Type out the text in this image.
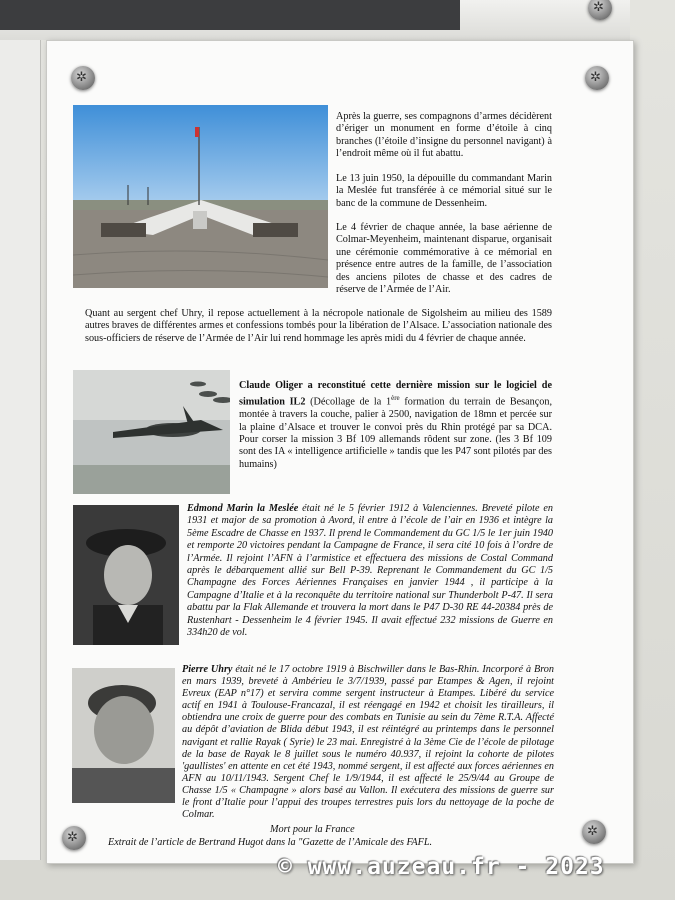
✲
✲
✲
✲
✲
Après la guerre, ses compagnons d’armes décidèrent d’ériger un monument en forme d’étoile à cinq branches (l’étoile d’insigne du personnel navigant) à l’endroit même où il fut abattu.
Le 13 juin 1950, la dépouille du commandant Marin la Meslée fut transférée à ce mémorial situé sur le banc de la commune de Dessenheim.
Le 4 février de chaque année, la base aérienne de Colmar-Meyenheim, maintenant disparue, organisait une cérémonie commémorative à ce mémorial en présence entre autres de la famille, de l’association des anciens pilotes de chasse et des cadres de réserve de l’Armée de l’Air.
Quant au sergent chef Uhry, il repose actuellement à la nécropole nationale de Sigolsheim au milieu des 1589 autres braves de différentes armes et confessions tombés pour la libération de l’Alsace. L’association nationale des sous-officiers de réserve de l’Armée de l’Air lui rend hommage les après midi du 4 février de chaque année.
Claude Oliger a reconstitué cette dernière mission sur le logiciel de simulation IL2 (Décollage de la 1ère formation du terrain de Besançon, montée à travers la couche, palier à 2500, navigation de 18mn et percée sur la plaine d’Alsace et trouver le convoi près du Rhin protégé par sa DCA. Pour corser la mission 3 Bf 109 allemands rôdent sur zone. (les 3 Bf 109 sont des IA « intelligence artificielle » tandis que les P47 sont pilotés par des humains)
Edmond Marin la Meslée était né le 5 février 1912 à Valenciennes. Breveté pilote en 1931 et major de sa promotion à Avord, il entre à l’école de l’air en 1936 et intègre la 5ème Escadre de Chasse en 1937. Il prend le Commandement du GC 1/5 le 1er juin 1940 et remporte 20 victoires pendant la Campagne de France, il sera cité 10 fois à l’ordre de l’Armée. Il rejoint l’AFN à l’armistice et effectuera des missions de Costal Command après le débarquement allié sur Bell P-39. Reprenant le Commandement du GC 1/5 Champagne des Forces Aériennes Françaises en janvier 1944 , il participe à la Campagne d’Italie et à la reconquête du territoire national sur Thunderbolt P-47. Il sera abattu par la Flak Allemande et trouvera la mort dans le P47 D-30 RE 44-20384 près de Rustenhart - Dessenheim le 4 février 1945. Il avait effectué 232 missions de Guerre en 334h20 de vol.
Pierre Uhry était né le 17 octobre 1919 à Bischwiller dans le Bas-Rhin. Incorporé à Bron en mars 1939, breveté à Ambérieu le 3/7/1939, passé par Etampes & Agen, il rejoint Evreux (EAP n°17) et servira comme sergent instructeur à Etampes. Libéré du service actif en 1941 à Toulouse-Francazal, il est réengagé en 1942 et choisit les tirailleurs, il obtiendra une croix de guerre pour des combats en Tunisie au sein du 7ème R.T.A. Affecté au dépôt d’aviation de Blida début 1943, il est réintégré au printemps dans le personnel navigant et rallie Rayak ( Syrie) le 23 mai. Enregistré à la 3ème Cie de l’école de pilotage de la base de Rayak le 8 juillet sous le numéro 40.937, il rejoint la cohorte de pilotes 'gaullistes' en attente en cet été 1943, nommé sergent, il est affecté aux forces aériennes en AFN au 10/11/1943. Sergent Chef le 1/9/1944, il est affecté le 25/9/44 au Groupe de Chasse 1/5 « Champagne » alors basé au Vallon. Il exécutera des missions de guerre sur le front d’Italie pour l’appui des troupes terrestres puis lors du nettoyage de la poche de Colmar.
Mort pour la France
Extrait de l’article de Bertrand Hugot dans la "Gazette de l’Amicale des FAFL.
© www.auzeau.fr - 2023
